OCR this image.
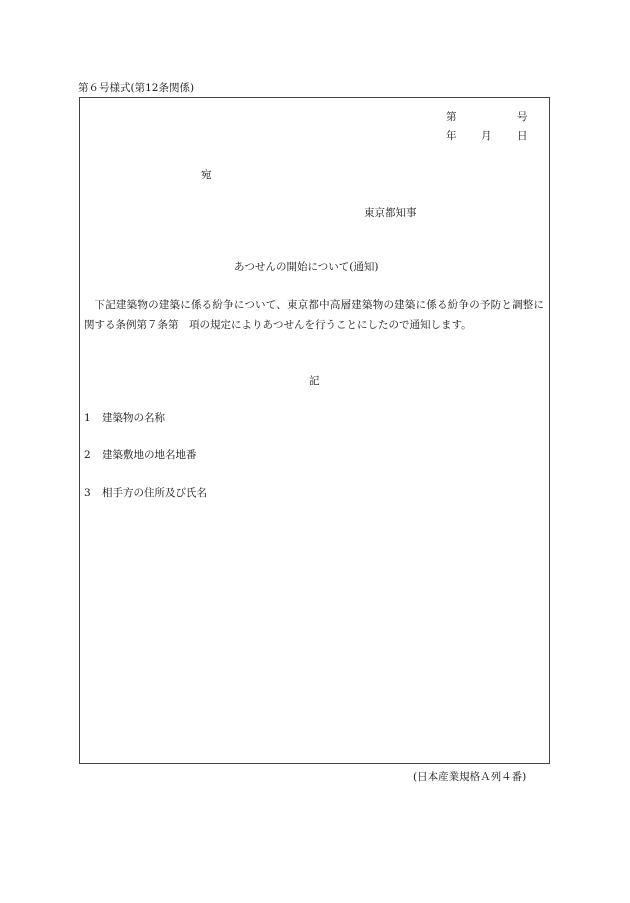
第６号様式(第12条関係)
第	号
年 月 日
宛
東京都知事
あつせんの開始について(通知)
下記建築物の建築に係る紛争について、東京都中高層建築物の建築に係る紛争の予防と調整に関する条例第７条第　項の規定によりあつせんを行うことにしたので通知します。
記
1 建築物の名称
2 建築敷地の地名地番
3 相手方の住所及び氏名
(日本産業規格Ａ列４番)
